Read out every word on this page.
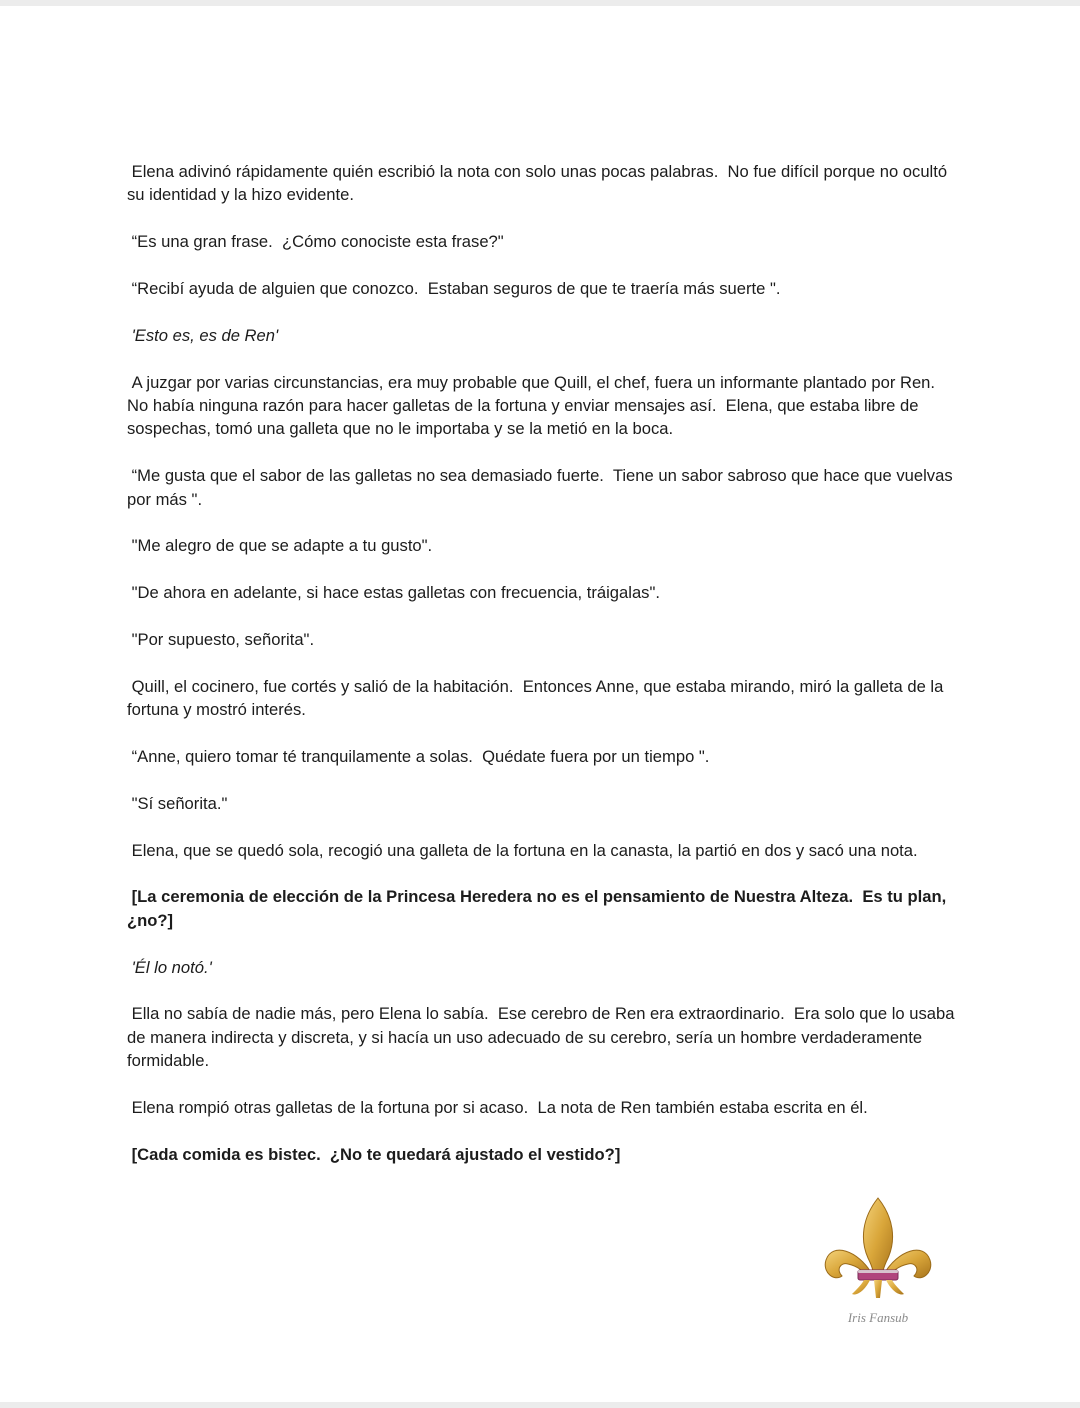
Elena adivinó rápidamente quién escribió la nota con solo unas pocas palabras.  No fue difícil porque no ocultó su identidad y la hizo evidente.

“Es una gran frase.  ¿Cómo conociste esta frase?"

“Recibí ayuda de alguien que conozco.  Estaban seguros de que te traería más suerte ".

'Esto es, es de Ren'

A juzgar por varias circunstancias, era muy probable que Quill, el chef, fuera un informante plantado por Ren.  No había ninguna razón para hacer galletas de la fortuna y enviar mensajes así.  Elena, que estaba libre de sospechas, tomó una galleta que no le importaba y se la metió en la boca.

“Me gusta que el sabor de las galletas no sea demasiado fuerte.  Tiene un sabor sabroso que hace que vuelvas por más ".

"Me alegro de que se adapte a tu gusto".

"De ahora en adelante, si hace estas galletas con frecuencia, tráigalas".

"Por supuesto, señorita".

Quill, el cocinero, fue cortés y salió de la habitación.  Entonces Anne, que estaba mirando, miró la galleta de la fortuna y mostró interés.

“Anne, quiero tomar té tranquilamente a solas.  Quédate fuera por un tiempo ".

"Sí señorita."

Elena, que se quedó sola, recogió una galleta de la fortuna en la canasta, la partió en dos y sacó una nota.

[La ceremonia de elección de la Princesa Heredera no es el pensamiento de Nuestra Alteza.  Es tu plan, ¿no?]

'Él lo notó.'

Ella no sabía de nadie más, pero Elena lo sabía.  Ese cerebro de Ren era extraordinario.  Era solo que lo usaba de manera indirecta y discreta, y si hacía un uso adecuado de su cerebro, sería un hombre verdaderamente formidable.

Elena rompió otras galletas de la fortuna por si acaso.  La nota de Ren también estaba escrita en él.

[Cada comida es bistec.  ¿No te quedará ajustado el vestido?]

Iris Fansub
